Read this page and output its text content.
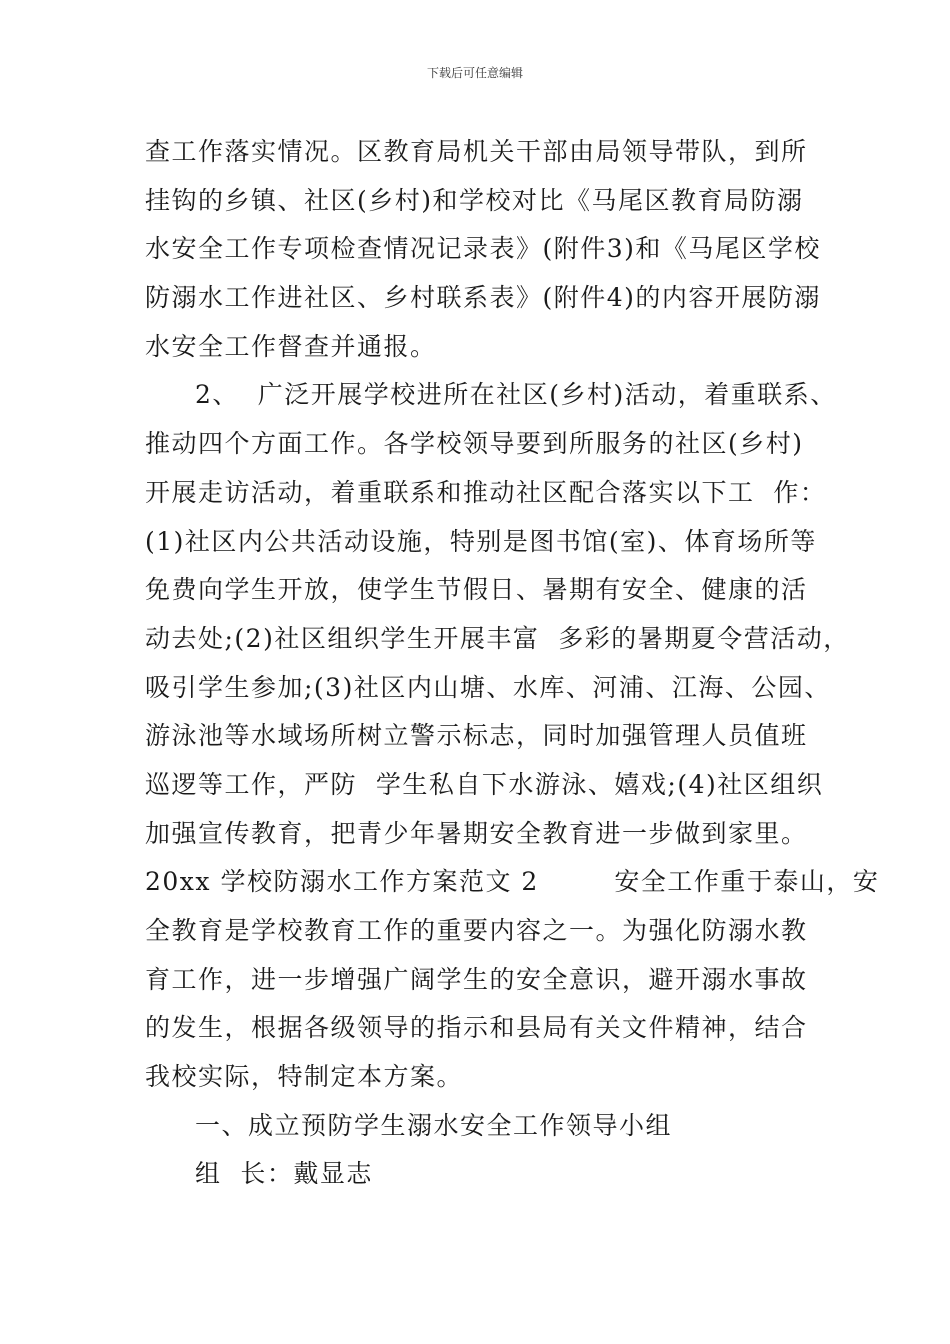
下载后可任意编辑
查工作落实情况。区教育局机关干部由局领导带队，到所
挂钩的乡镇、社区(乡村)和学校对比《马尾区教育局防溺
水安全工作专项检查情况记录表》(附件3)和《马尾区学校
防溺水工作进社区、乡村联系表》(附件4)的内容开展防溺
水安全工作督查并通报。
2、  广泛开展学校进所在社区(乡村)活动，着重联系、
推动四个方面工作。各学校领导要到所服务的社区(乡村)
开展走访活动，着重联系和推动社区配合落实以下工  作：
(1)社区内公共活动设施，特别是图书馆(室)、体育场所等
免费向学生开放，使学生节假日、暑期有安全、健康的活
动去处;(2)社区组织学生开展丰富  多彩的暑期夏令营活动，
吸引学生参加;(3)社区内山塘、水库、河浦、江海、公园、
游泳池等水域场所树立警示标志，同时加强管理人员值班
巡逻等工作，严防  学生私自下水游泳、嬉戏;(4)社区组织
加强宣传教育，把青少年暑期安全教育进一步做到家里。
20xx 学校防溺水工作方案范文 2        安全工作重于泰山，安
全教育是学校教育工作的重要内容之一。为强化防溺水教
育工作，进一步增强广阔学生的安全意识，避开溺水事故
的发生，根据各级领导的指示和县局有关文件精神，结合
我校实际，特制定本方案。
一、成立预防学生溺水安全工作领导小组
组  长：戴显志
